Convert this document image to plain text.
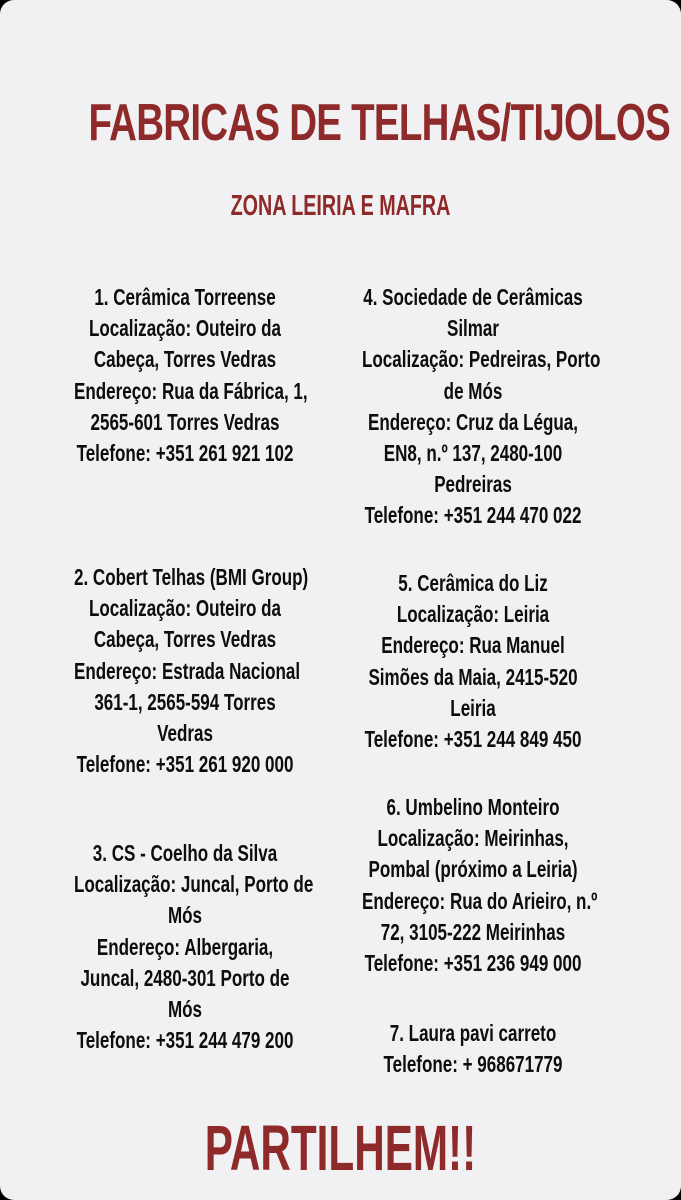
FABRICAS DE TELHAS/TIJOLOS
ZONA LEIRIA E MAFRA
1. Cerâmica Torreense
Localização: Outeiro da
Cabeça, Torres Vedras
Endereço: Rua da Fábrica, 1,
2565-601 Torres Vedras
Telefone: +351 261 921 102
2. Cobert Telhas (BMI Group)
Localização: Outeiro da
Cabeça, Torres Vedras
Endereço: Estrada Nacional
361-1, 2565-594 Torres
Vedras
Telefone: +351 261 920 000
3. CS - Coelho da Silva
Localização: Juncal, Porto de
Mós
Endereço: Albergaria,
Juncal, 2480-301 Porto de
Mós
Telefone: +351 244 479 200
4. Sociedade de Cerâmicas
Silmar
Localização: Pedreiras, Porto
de Mós
Endereço: Cruz da Légua,
EN8, n.º 137, 2480-100
Pedreiras
Telefone: +351 244 470 022
5. Cerâmica do Liz
Localização: Leiria
Endereço: Rua Manuel
Simões da Maia, 2415-520
Leiria
Telefone: +351 244 849 450
6. Umbelino Monteiro
Localização: Meirinhas,
Pombal (próximo a Leiria)
Endereço: Rua do Arieiro, n.º
72, 3105-222 Meirinhas
Telefone: +351 236 949 000
7. Laura pavi carreto
Telefone: + 968671779
PARTILHEM!!
